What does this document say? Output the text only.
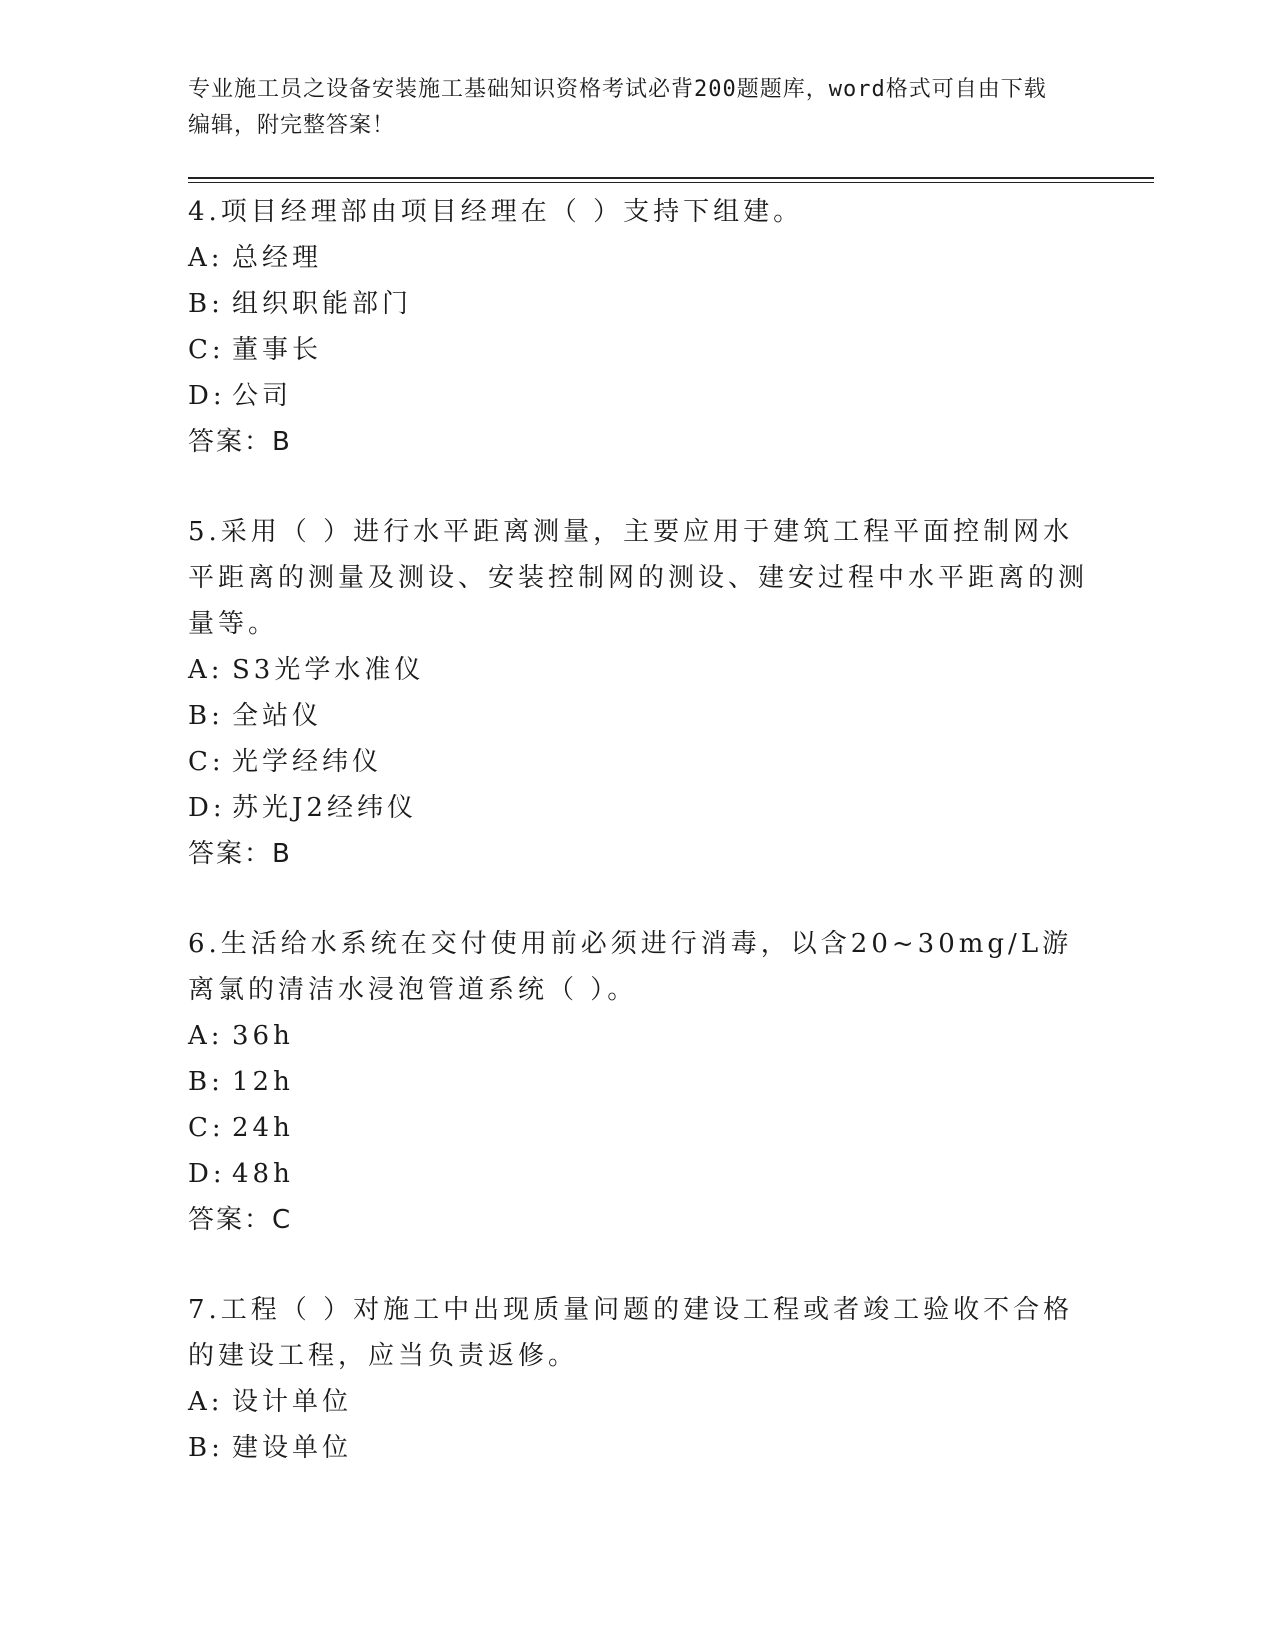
专业施工员之设备安装施工基础知识资格考试必背200题题库，word格式可自由下载编辑，附完整答案！

4.项目经理部由项目经理在（ ）支持下组建。

A: 总经理

B: 组织职能部门

C: 董事长

D: 公司

答案：B

5.采用（ ）进行水平距离测量，主要应用于建筑工程平面控制网水平距离的测量及测设、安装控制网的测设、建安过程中水平距离的测量等。

A: S3光学水准仪

B: 全站仪

C: 光学经纬仪

D: 苏光J2经纬仪

答案：B

6.生活给水系统在交付使用前必须进行消毒，以含20~30mg/L游离氯的清洁水浸泡管道系统（ ）。

A: 36h

B: 12h

C: 24h

D: 48h

答案：C

7.工程（ ）对施工中出现质量问题的建设工程或者竣工验收不合格的建设工程，应当负责返修。

A: 设计单位

B: 建设单位
